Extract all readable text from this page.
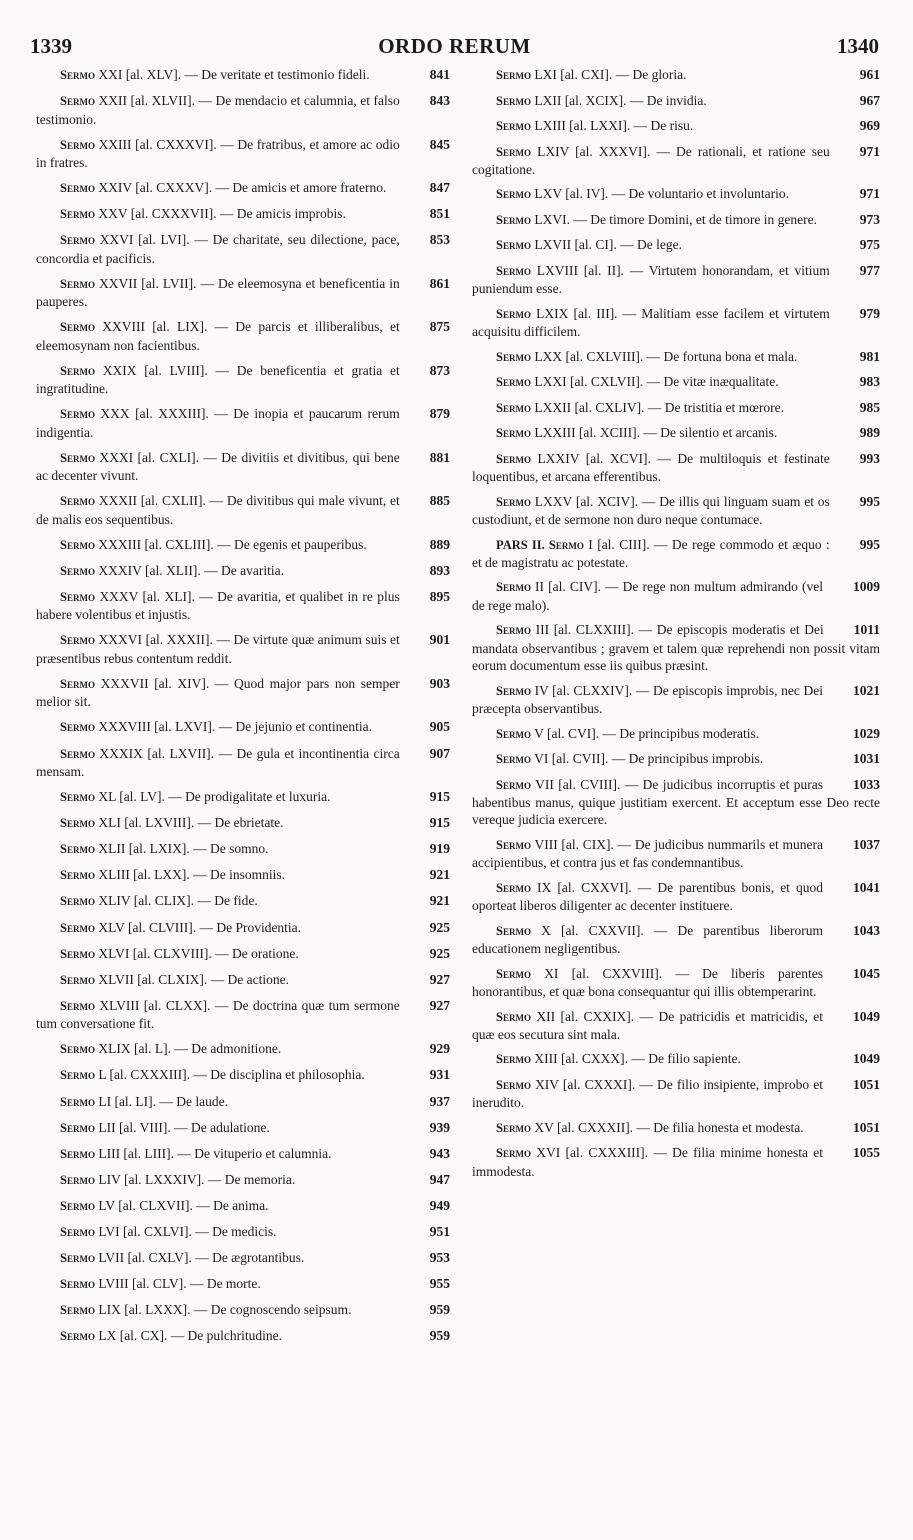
1339	ORDO RERUM	1340

841
Sermo XXI [al. XLV]. — De veritate et testimonio fideli.

843
Sermo XXII [al. XLVII]. — De mendacio et calumnia, et falso testimonio.

845
Sermo XXIII [al. CXXXVI]. — De fratribus, et amore ac odio in fratres.

847
Sermo XXIV [al. CXXXV]. — De amicis et amore fraterno.

851
Sermo XXV [al. CXXXVII]. — De amicis improbis.

853
Sermo XXVI [al. LVI]. — De charitate, seu dilectione, pace, concordia et pacificis.

861
Sermo XXVII [al. LVII]. — De eleemosyna et beneficentia in pauperes.

875
Sermo XXVIII [al. LIX]. — De parcis et illiberalibus, et eleemosynam non facientibus.

873
Sermo XXIX [al. LVIII]. — De beneficentia et gratia et ingratitudine.

879
Sermo XXX [al. XXXIII]. — De inopia et paucarum rerum indigentia.

881
Sermo XXXI [al. CXLI]. — De divitiis et divitibus, qui bene ac decenter vivunt.

885
Sermo XXXII [al. CXLII]. — De divitibus qui male vivunt, et de malis eos sequentibus.

889
Sermo XXXIII [al. CXLIII]. — De egenis et pauperibus.

893
Sermo XXXIV [al. XLII]. — De avaritia.

895
Sermo XXXV [al. XLI]. — De avaritia, et qualibet in re plus habere volentibus et injustis.

901
Sermo XXXVI [al. XXXII]. — De virtute quæ animum suis et præsentibus rebus contentum reddit.

903
Sermo XXXVII [al. XIV]. — Quod major pars non semper melior sit.

905
Sermo XXXVIII [al. LXVI]. — De jejunio et continentia.

907
Sermo XXXIX [al. LXVII]. — De gula et incontinentia circa mensam.

915
Sermo XL [al. LV]. — De prodigalitate et luxuria.

915
Sermo XLI [al. LXVIII]. — De ebrietate.

919
Sermo XLII [al. LXIX]. — De somno.

921
Sermo XLIII [al. LXX]. — De insomniis.

921
Sermo XLIV [al. CLIX]. — De fide.

925
Sermo XLV [al. CLVIII]. — De Providentia.

925
Sermo XLVI [al. CLXVIII]. — De oratione.

927
Sermo XLVII [al. CLXIX]. — De actione.

927
Sermo XLVIII [al. CLXX]. — De doctrina quæ tum sermone tum conversatione fit.

929
Sermo XLIX [al. L]. — De admonitione.

931
Sermo L [al. CXXXIII]. — De disciplina et philosophia.

937
Sermo LI [al. LI]. — De laude.

939
Sermo LII [al. VIII]. — De adulatione.

943
Sermo LIII [al. LIII]. — De vituperio et calumnia.

947
Sermo LIV [al. LXXXIV]. — De memoria.

949
Sermo LV [al. CLXVII]. — De anima.

951
Sermo LVI [al. CXLVI]. — De medicis.

953
Sermo LVII [al. CXLV]. — De ægrotantibus.

955
Sermo LVIII [al. CLV]. — De morte.

959
Sermo LIX [al. LXXX]. — De cognoscendo seipsum.

959
Sermo LX [al. CX]. — De pulchritudine.

961
Sermo LXI [al. CXI]. — De gloria.

967
Sermo LXII [al. XCIX]. — De invidia.

969
Sermo LXIII [al. LXXI]. — De risu.

971
Sermo LXIV [al. XXXVI]. — De rationali, et ratione seu cogitatione.

971
Sermo LXV [al. IV]. — De voluntario et involuntario.

973
Sermo LXVI. — De timore Domini, et de timore in genere.

975
Sermo LXVII [al. CI]. — De lege.

977
Sermo LXVIII [al. II]. — Virtutem honorandam, et vitium puniendum esse.

979
Sermo LXIX [al. III]. — Malitiam esse facilem et virtutem acquisitu difficilem.

981
Sermo LXX [al. CXLVIII]. — De fortuna bona et mala.

983
Sermo LXXI [al. CXLVII]. — De vitæ inæqualitate.

985
Sermo LXXII [al. CXLIV]. — De tristitia et mœrore.

989
Sermo LXXIII [al. XCIII]. — De silentio et arcanis.

993
Sermo LXXIV [al. XCVI]. — De multiloquis et festinate loquentibus, et arcana efferentibus.

995
Sermo LXXV [al. XCIV]. — De illis qui linguam suam et os custodiunt, et de sermone non duro neque contumace.

995
PARS II. Sermo I [al. CIII]. — De rege commodo et æquo : et de magistratu ac potestate.

1009
Sermo II [al. CIV]. — De rege non multum admirando (vel de rege malo).

1011
Sermo III [al. CLXXIII]. — De episcopis moderatis et Dei mandata observantibus ; gravem et talem quæ reprehendi non possit vitam eorum documentum esse iis quibus præsint.

1021
Sermo IV [al. CLXXIV]. — De episcopis improbis, nec Dei præcepta observantibus.

1029
Sermo V [al. CVI]. — De principibus moderatis.

1031
Sermo VI [al. CVII]. — De principibus improbis.

1033
Sermo VII [al. CVIII]. — De judicibus incorruptis et puras habentibus manus, quique justitiam exercent. Et acceptum esse Deo recte vereque judicia exercere.

1037
Sermo VIII [al. CIX]. — De judicibus nummarils et munera accipientibus, et contra jus et fas condemnantibus.

1041
Sermo IX [al. CXXVI]. — De parentibus bonis, et quod oporteat liberos diligenter ac decenter instituere.

1043
Sermo X [al. CXXVII]. — De parentibus liberorum educationem negligentibus.

1045
Sermo XI [al. CXXVIII]. — De liberis parentes honorantibus, et quæ bona consequantur qui illis obtemperarint.

1049
Sermo XII [al. CXXIX]. — De patricidis et matricidis, et quæ eos secutura sint mala.

1049
Sermo XIII [al. CXXX]. — De filio sapiente.

1051
Sermo XIV [al. CXXXI]. — De filio insipiente, improbo et inerudito.

1051
Sermo XV [al. CXXXII]. — De filia honesta et modesta.

1055
Sermo XVI [al. CXXXIII]. — De filia minime honesta et immodesta.
